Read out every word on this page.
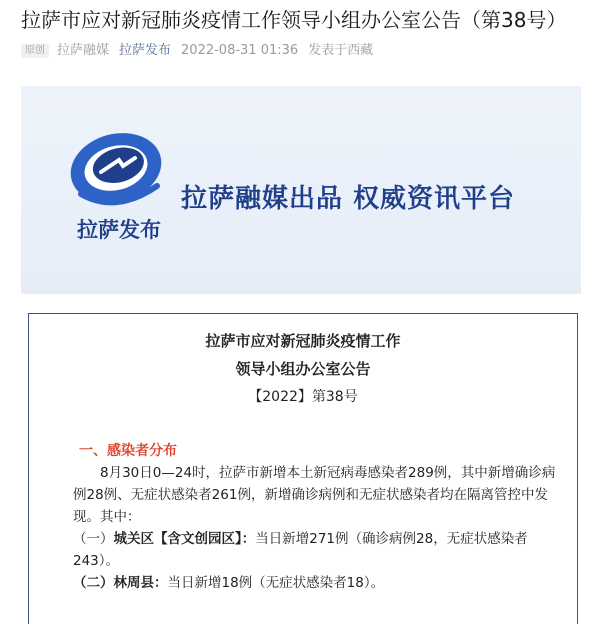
拉萨市应对新冠肺炎疫情工作领导小组办公室公告（第38号）
原创 拉萨融媒 拉萨发布 2022-08-31 01:36 发表于西藏
拉萨发布
拉萨融媒出品 权威资讯平台
拉萨市应对新冠肺炎疫情工作
领导小组办公室公告
【2022】第38号
一、感染者分布
8月30日0—24时，拉萨市新增本土新冠病毒感染者289例，其中新增确诊病例28例、无症状感染者261例，新增确诊病例和无症状感染者均在隔离管控中发现。其中：
（一）城关区【含文创园区】：当日新增271例（确诊病例28，无症状感染者243）。
（二）林周县：当日新增18例（无症状感染者18）。
